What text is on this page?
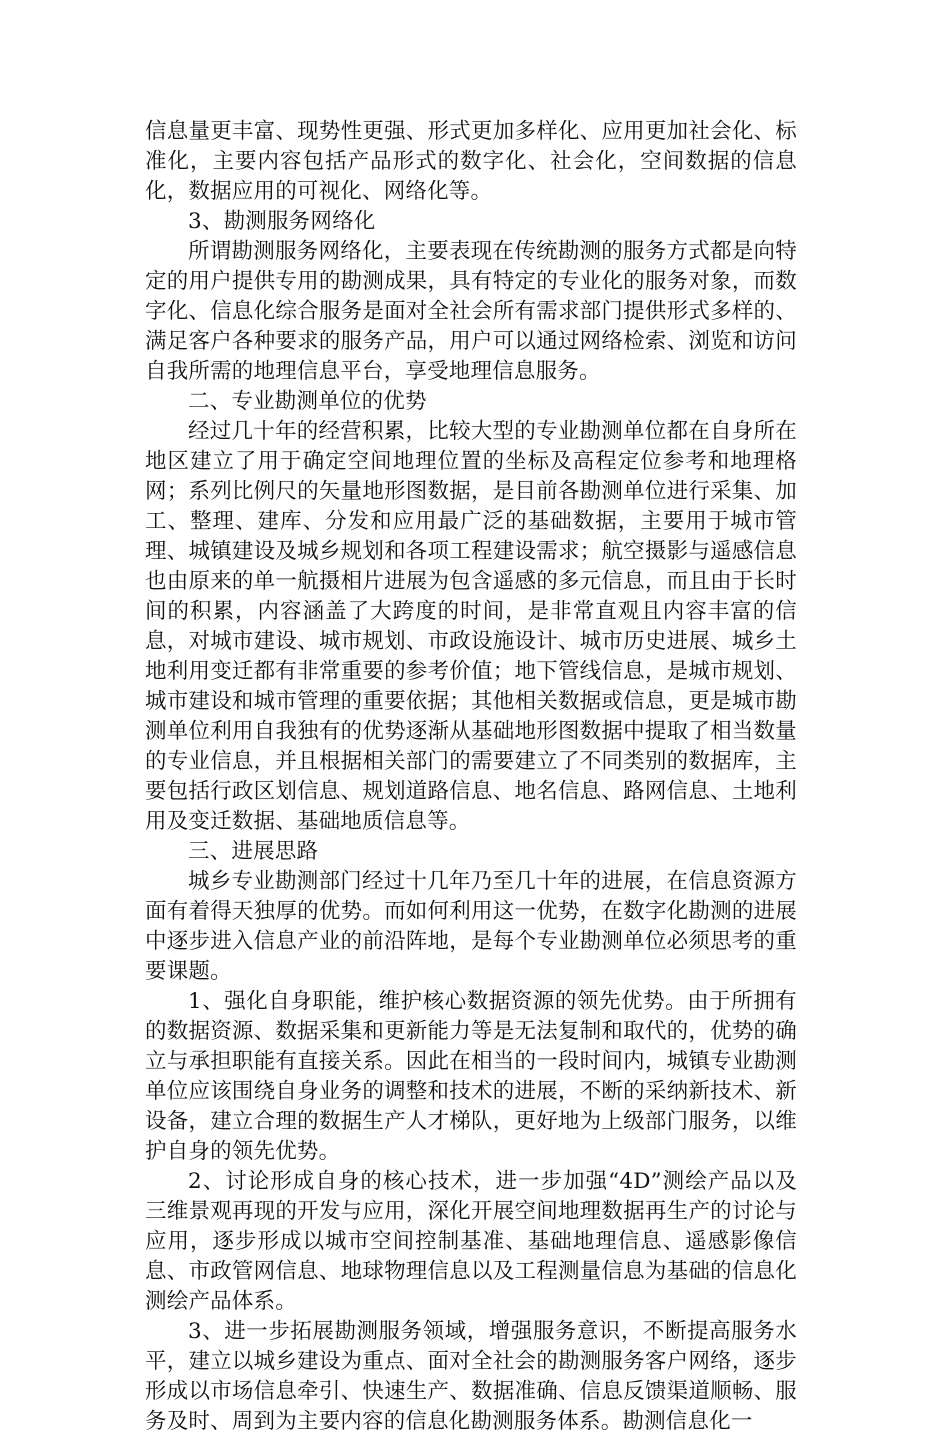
信息量更丰富、现势性更强、形式更加多样化、应用更加社会化、标准化，主要内容包括产品形式的数字化、社会化，空间数据的信息化，数据应用的可视化、网络化等。

3、勘测服务网络化

所谓勘测服务网络化，主要表现在传统勘测的服务方式都是向特定的用户提供专用的勘测成果，具有特定的专业化的服务对象，而数字化、信息化综合服务是面对全社会所有需求部门提供形式多样的、满足客户各种要求的服务产品，用户可以通过网络检索、浏览和访问自我所需的地理信息平台，享受地理信息服务。

二、专业勘测单位的优势

经过几十年的经营积累，比较大型的专业勘测单位都在自身所在地区建立了用于确定空间地理位置的坐标及高程定位参考和地理格网；系列比例尺的矢量地形图数据，是目前各勘测单位进行采集、加工、整理、建库、分发和应用最广泛的基础数据，主要用于城市管理、城镇建设及城乡规划和各项工程建设需求；航空摄影与遥感信息也由原来的单一航摄相片进展为包含遥感的多元信息，而且由于长时间的积累，内容涵盖了大跨度的时间，是非常直观且内容丰富的信息，对城市建设、城市规划、市政设施设计、城市历史进展、城乡土地利用变迁都有非常重要的参考价值；地下管线信息，是城市规划、城市建设和城市管理的重要依据；其他相关数据或信息，更是城市勘测单位利用自我独有的优势逐渐从基础地形图数据中提取了相当数量的专业信息，并且根据相关部门的需要建立了不同类别的数据库，主要包括行政区划信息、规划道路信息、地名信息、路网信息、土地利用及变迁数据、基础地质信息等。

三、进展思路

城乡专业勘测部门经过十几年乃至几十年的进展，在信息资源方面有着得天独厚的优势。而如何利用这一优势，在数字化勘测的进展中逐步进入信息产业的前沿阵地，是每个专业勘测单位必须思考的重要课题。

1、强化自身职能，维护核心数据资源的领先优势。由于所拥有的数据资源、数据采集和更新能力等是无法复制和取代的，优势的确立与承担职能有直接关系。因此在相当的一段时间内，城镇专业勘测单位应该围绕自身业务的调整和技术的进展，不断的采纳新技术、新设备，建立合理的数据生产人才梯队，更好地为上级部门服务，以维护自身的领先优势。

2、讨论形成自身的核心技术，进一步加强“4D”测绘产品以及三维景观再现的开发与应用，深化开展空间地理数据再生产的讨论与应用，逐步形成以城市空间控制基准、基础地理信息、遥感影像信息、市政管网信息、地球物理信息以及工程测量信息为基础的信息化测绘产品体系。

3、进一步拓展勘测服务领域，增强服务意识，不断提高服务水平，建立以城乡建设为重点、面对全社会的勘测服务客户网络，逐步形成以市场信息牵引、快速生产、数据准确、信息反馈渠道顺畅、服务及时、周到为主要内容的信息化勘测服务体系。勘测信息化一
